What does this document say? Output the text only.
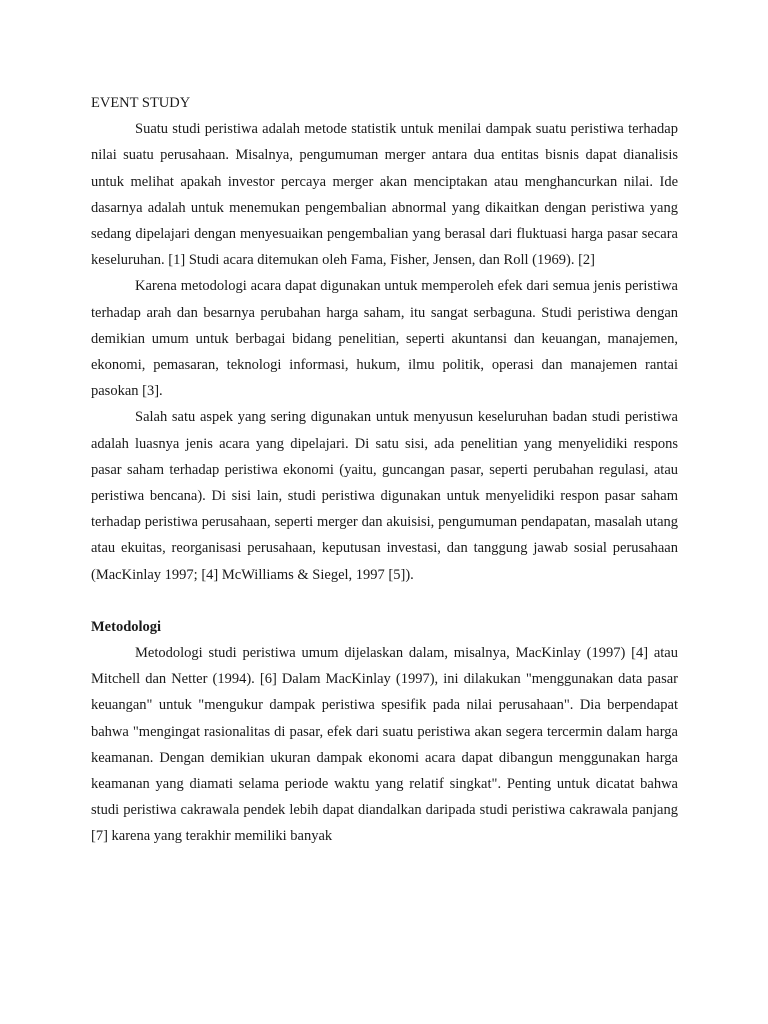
EVENT STUDY

Suatu studi peristiwa adalah metode statistik untuk menilai dampak suatu peristiwa terhadap nilai suatu perusahaan. Misalnya, pengumuman merger antara dua entitas bisnis dapat dianalisis untuk melihat apakah investor percaya merger akan menciptakan atau menghancurkan nilai. Ide dasarnya adalah untuk menemukan pengembalian abnormal yang dikaitkan dengan peristiwa yang sedang dipelajari dengan menyesuaikan pengembalian yang berasal dari fluktuasi harga pasar secara keseluruhan. [1] Studi acara ditemukan oleh Fama, Fisher, Jensen, dan Roll (1969). [2]

Karena metodologi acara dapat digunakan untuk memperoleh efek dari semua jenis peristiwa terhadap arah dan besarnya perubahan harga saham, itu sangat serbaguna. Studi peristiwa dengan demikian umum untuk berbagai bidang penelitian, seperti akuntansi dan keuangan, manajemen, ekonomi, pemasaran, teknologi informasi, hukum, ilmu politik, operasi dan manajemen rantai pasokan [3].

Salah satu aspek yang sering digunakan untuk menyusun keseluruhan badan studi peristiwa adalah luasnya jenis acara yang dipelajari. Di satu sisi, ada penelitian yang menyelidiki respons pasar saham terhadap peristiwa ekonomi (yaitu, guncangan pasar, seperti perubahan regulasi, atau peristiwa bencana). Di sisi lain, studi peristiwa digunakan untuk menyelidiki respon pasar saham terhadap peristiwa perusahaan, seperti merger dan akuisisi, pengumuman pendapatan, masalah utang atau ekuitas, reorganisasi perusahaan, keputusan investasi, dan tanggung jawab sosial perusahaan (MacKinlay 1997; [4] McWilliams & Siegel, 1997 [5]).

Metodologi

Metodologi studi peristiwa umum dijelaskan dalam, misalnya, MacKinlay (1997) [4] atau Mitchell dan Netter (1994). [6] Dalam MacKinlay (1997), ini dilakukan "menggunakan data pasar keuangan" untuk "mengukur dampak peristiwa spesifik pada nilai perusahaan". Dia berpendapat bahwa "mengingat rasionalitas di pasar, efek dari suatu peristiwa akan segera tercermin dalam harga keamanan. Dengan demikian ukuran dampak ekonomi acara dapat dibangun menggunakan harga keamanan yang diamati selama periode waktu yang relatif singkat". Penting untuk dicatat bahwa studi peristiwa cakrawala pendek lebih dapat diandalkan daripada studi peristiwa cakrawala panjang [7] karena yang terakhir memiliki banyak
